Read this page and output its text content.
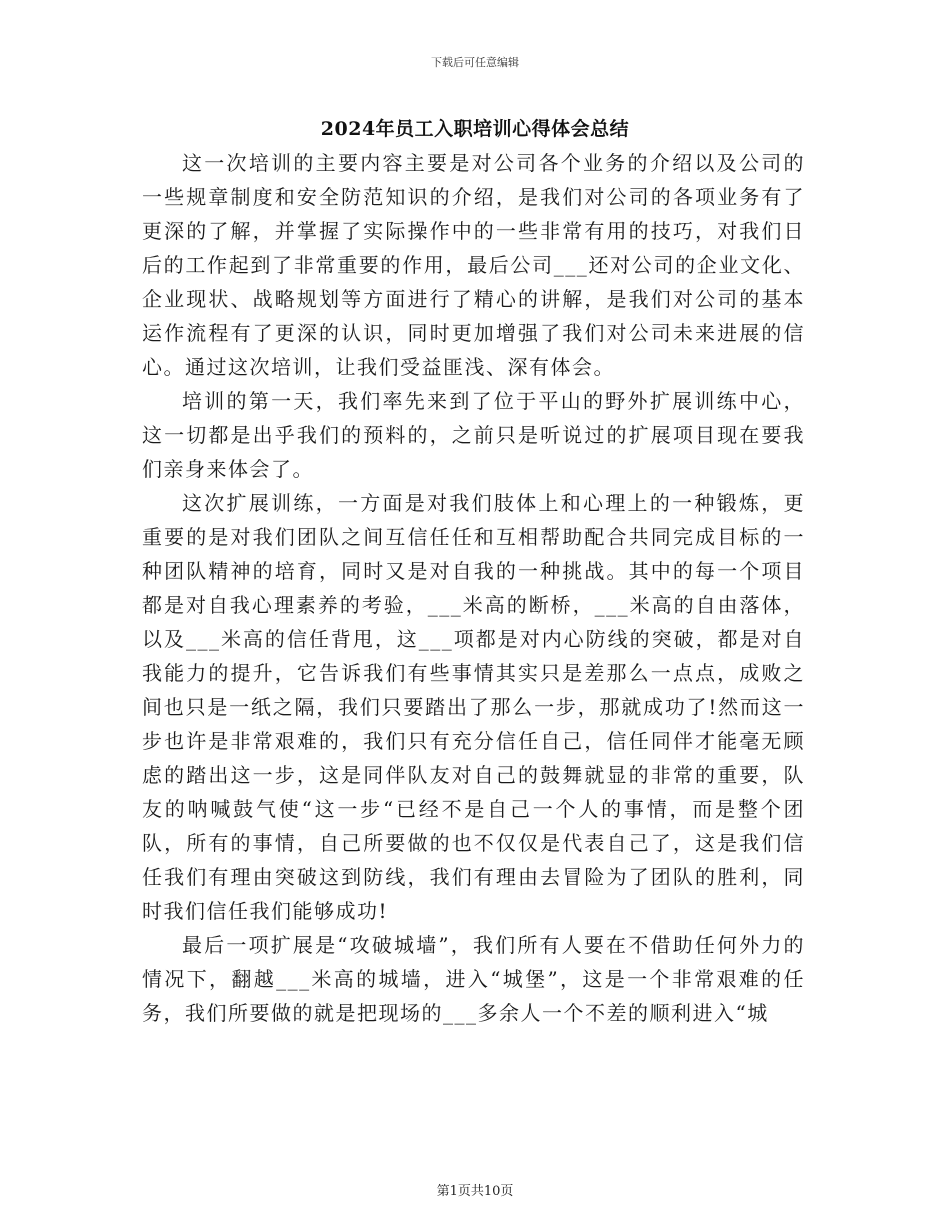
下载后可任意编辑
2024年员工入职培训心得体会总结

这一次培训的主要内容主要是对公司各个业务的介绍以及公司的一些规章制度和安全防范知识的介绍，是我们对公司的各项业务有了更深的了解，并掌握了实际操作中的一些非常有用的技巧，对我们日后的工作起到了非常重要的作用，最后公司___还对公司的企业文化、企业现状、战略规划等方面进行了精心的讲解，是我们对公司的基本运作流程有了更深的认识，同时更加增强了我们对公司未来进展的信心。通过这次培训，让我们受益匪浅、深有体会。

培训的第一天，我们率先来到了位于平山的野外扩展训练中心，这一切都是出乎我们的预料的，之前只是听说过的扩展项目现在要我们亲身来体会了。

这次扩展训练，一方面是对我们肢体上和心理上的一种锻炼，更重要的是对我们团队之间互信任任和互相帮助配合共同完成目标的一种团队精神的培育，同时又是对自我的一种挑战。其中的每一个项目都是对自我心理素养的考验，___米高的断桥，___米高的自由落体，以及___米高的信任背甩，这___项都是对内心防线的突破，都是对自我能力的提升，它告诉我们有些事情其实只是差那么一点点，成败之间也只是一纸之隔，我们只要踏出了那么一步，那就成功了!然而这一步也许是非常艰难的，我们只有充分信任自己，信任同伴才能毫无顾虑的踏出这一步，这是同伴队友对自己的鼓舞就显的非常的重要，队友的呐喊鼓气使“这一步“已经不是自己一个人的事情，而是整个团队，所有的事情，自己所要做的也不仅仅是代表自己了，这是我们信任我们有理由突破这到防线，我们有理由去冒险为了团队的胜利，同时我们信任我们能够成功!

最后一项扩展是“攻破城墙”，我们所有人要在不借助任何外力的情况下，翻越___米高的城墙，进入“城堡”，这是一个非常艰难的任务，我们所要做的就是把现场的___多余人一个不差的顺利进入“城

第1页共10页
